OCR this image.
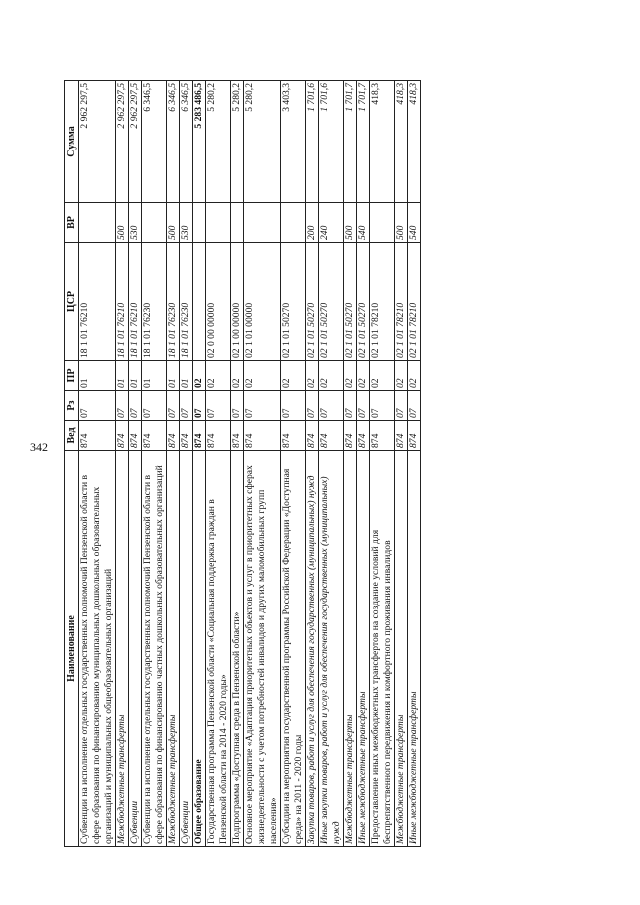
342
Наименование	Вед	Рз	ПР	ЦСР	ВР	Сумма
Субвенции на исполнение отдельных государственных полномочий Пензенской области в сфере образования по финансированию муниципальных дошкольных образовательных организаций и муниципальных общеобразовательных организаций	874	07	01	18 1 01 76210		2 962 297,5
Межбюджетные трансферты	874	07	01	18 1 01 76210	500	2 962 297,5
Субвенции	874	07	01	18 1 01 76210	530	2 962 297,5
Субвенции на исполнение отдельных государственных полномочий Пензенской области в сфере образования по финансированию частных дошкольных образовательных организаций	874	07	01	18 1 01 76230		6 346,5
Межбюджетные трансферты	874	07	01	18 1 01 76230	500	6 346,5
Субвенции	874	07	01	18 1 01 76230	530	6 346,5
Общее образование	874	07	02			5 283 486,5
Государственная программа Пензенской области «Социальная поддержка граждан в Пензенской области на 2014 - 2020 годы»	874	07	02	02 0 00 00000		5 280,2
Подпрограмма «Доступная среда в Пензенской области»	874	07	02	02 1 00 00000		5 280,2
Основное мероприятие «Адаптация приоритетных объектов и услуг в приоритетных сферах жизнедеятельности с учетом потребностей инвалидов и других маломобильных групп населения»	874	07	02	02 1 01 00000		5 280,2
Субсидии на мероприятия государственной программы Российской Федерации «Доступная среда» на 2011 - 2020 годы	874	07	02	02 1 01 50270		3 403,3
Закупка товаров, работ и услуг для обеспечения государственных (муниципальных) нужд	874	07	02	02 1 01 50270	200	1 701,6
Иные закупки товаров, работ и услуг для обеспечения государственных (муниципальных) нужд	874	07	02	02 1 01 50270	240	1 701,6
Межбюджетные трансферты	874	07	02	02 1 01 50270	500	1 701,7
Иные межбюджетные трансферты	874	07	02	02 1 01 50270	540	1 701,7
Предоставление иных межбюджетных трансфертов на создание условий для беспрепятственного передвижения и комфортного проживания инвалидов	874	07	02	02 1 01 78210		418,3
Межбюджетные трансферты	874	07	02	02 1 01 78210	500	418,3
Иные межбюджетные трансферты	874	07	02	02 1 01 78210	540	418,3
